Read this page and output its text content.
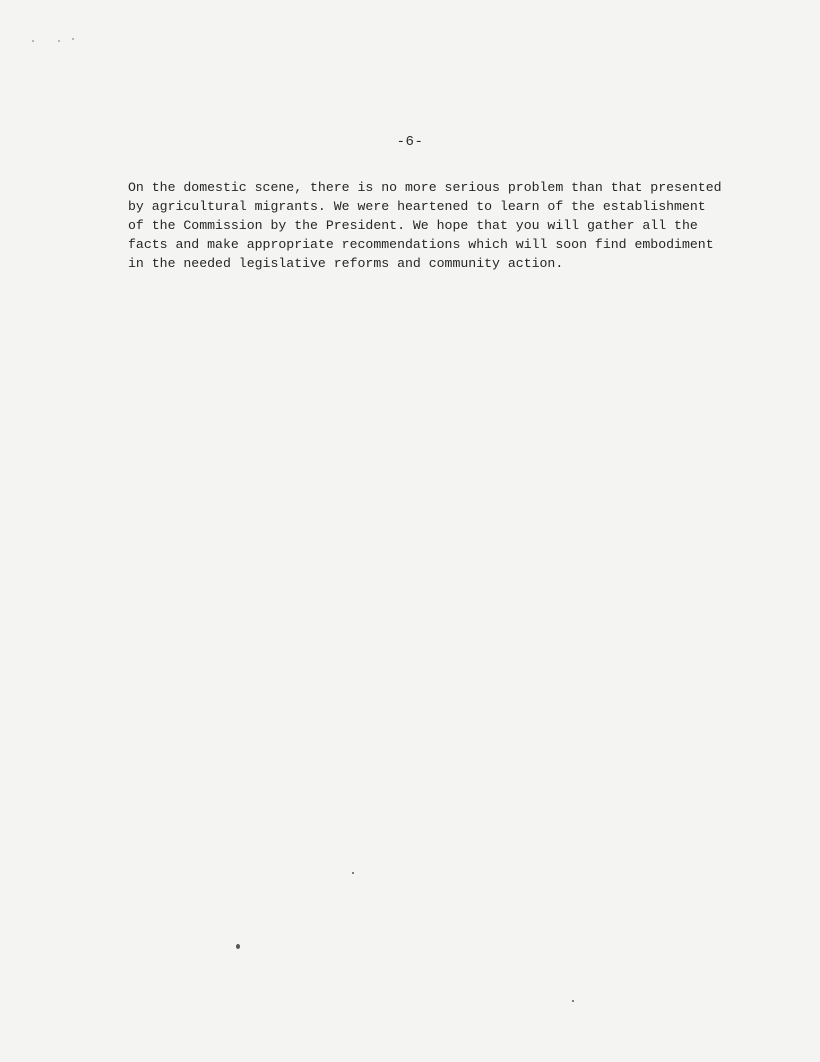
-6-
On the domestic scene, there is no more serious problem than that presented
by agricultural migrants. We were heartened to learn of the establishment
of the Commission by the President. We hope that you will gather all the
facts and make appropriate recommendations which will soon find embodiment
in the needed legislative reforms and community action.
